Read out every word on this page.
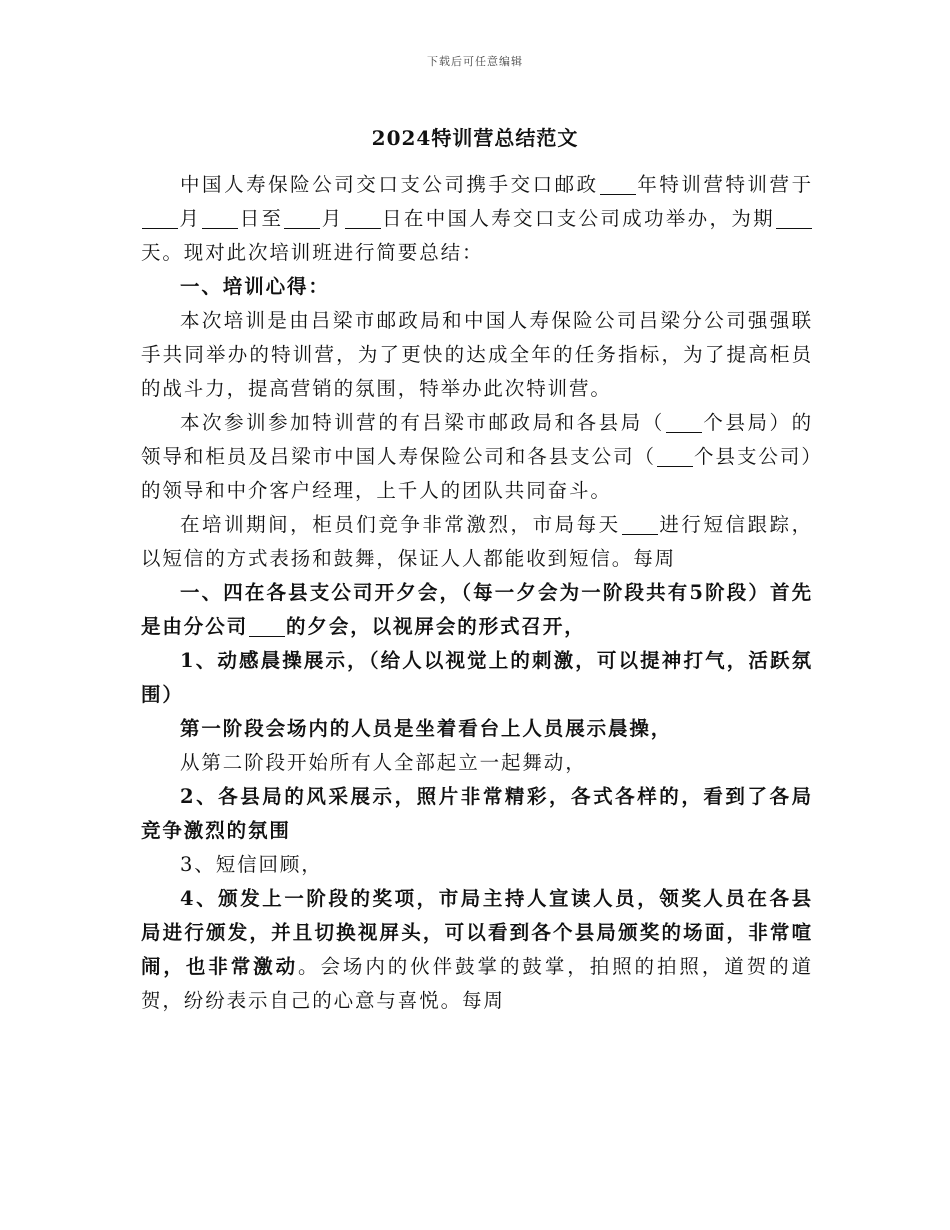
下载后可任意编辑
2024特训营总结范文

中国人寿保险公司交口支公司携手交口邮政 年特训营特训营于月 日至 月 日在中国人寿交口支公司成功举办，为期天。现对此次培训班进行简要总结：

一、培训心得：

本次培训是由吕梁市邮政局和中国人寿保险公司吕梁分公司强强联手共同举办的特训营，为了更快的达成全年的任务指标，为了提高柜员的战斗力，提高营销的氛围，特举办此次特训营。

本次参训参加特训营的有吕梁市邮政局和各县局（ 个县局）的领导和柜员及吕梁市中国人寿保险公司和各县支公司（ 个县支公司）的领导和中介客户经理，上千人的团队共同奋斗。

在培训期间，柜员们竞争非常激烈，市局每天 进行短信跟踪，以短信的方式表扬和鼓舞，保证人人都能收到短信。每周

一、四在各县支公司开夕会，（每一夕会为一阶段共有5阶段）首先是由分公司 的夕会，以视屏会的形式召开，

1、动感晨操展示，（给人以视觉上的刺激，可以提神打气，活跃氛围）

第一阶段会场内的人员是坐着看台上人员展示晨操，

从第二阶段开始所有人全部起立一起舞动，

2、各县局的风采展示，照片非常精彩，各式各样的，看到了各局竞争激烈的氛围

3、短信回顾，

4、颁发上一阶段的奖项，市局主持人宣读人员，领奖人员在各县局进行颁发，并且切换视屏头，可以看到各个县局颁奖的场面，非常喧闹，也非常激动。会场内的伙伴鼓掌的鼓掌，拍照的拍照，道贺的道贺，纷纷表示自己的心意与喜悦。每周
